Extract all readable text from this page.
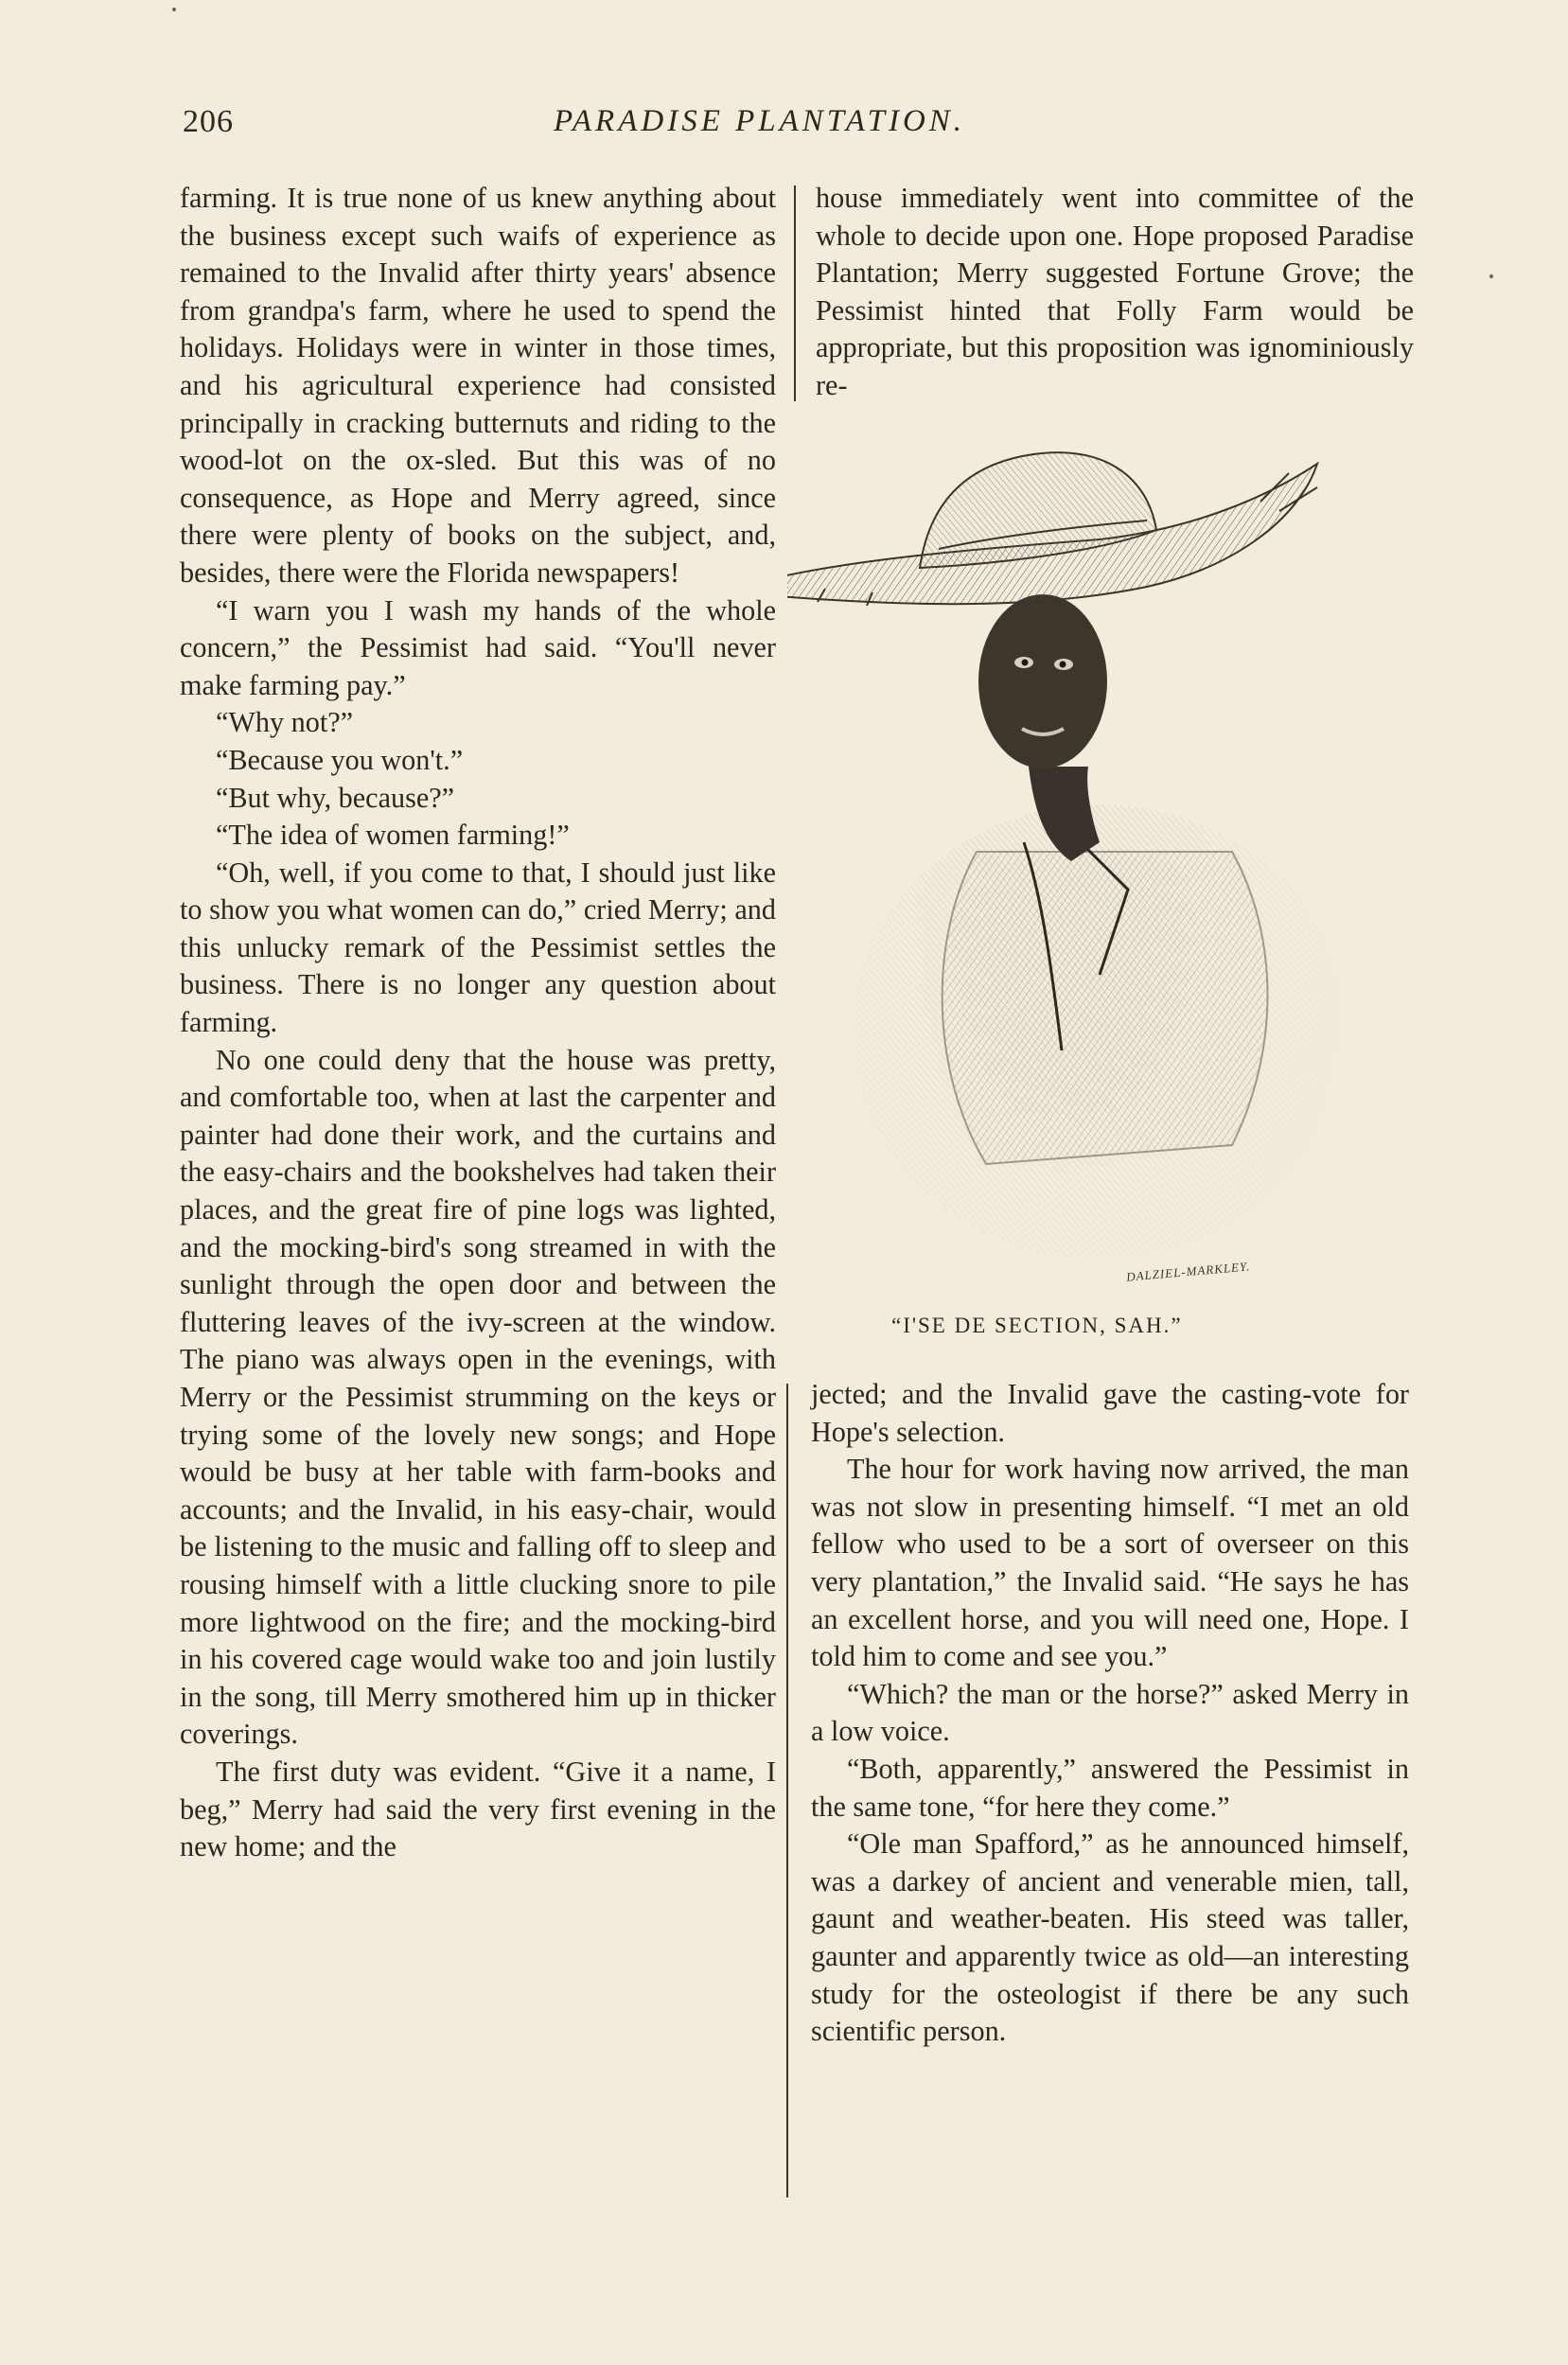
206	PARADISE PLANTATION.

farming. It is true none of us knew anything about the business except such waifs of experience as remained to the Invalid after thirty years' absence from grandpa's farm, where he used to spend the holidays. Holidays were in winter in those times, and his agricultural experience had consisted principally in cracking butternuts and riding to the wood-lot on the ox-sled. But this was of no consequence, as Hope and Merry agreed, since there were plenty of books on the subject, and, besides, there were the Florida newspapers!

“I warn you I wash my hands of the whole concern,” the Pessimist had said. “You'll never make farming pay.”

“Why not?”

“Because you won't.”

“But why, because?”

“The idea of women farming!”

“Oh, well, if you come to that, I should just like to show you what women can do,” cried Merry; and this unlucky remark of the Pessimist settles the business. There is no longer any question about farming.

No one could deny that the house was pretty, and comfortable too, when at last the carpenter and painter had done their work, and the curtains and the easy-chairs and the bookshelves had taken their places, and the great fire of pine logs was lighted, and the mocking-bird's song streamed in with the sunlight through the open door and between the fluttering leaves of the ivy-screen at the window. The piano was always open in the evenings, with Merry or the Pessimist strumming on the keys or trying some of the lovely new songs; and Hope would be busy at her table with farm-books and accounts; and the Invalid, in his easy-chair, would be listening to the music and falling off to sleep and rousing himself with a little clucking snore to pile more lightwood on the fire; and the mocking-bird in his covered cage would wake too and join lustily in the song, till Merry smothered him up in thicker coverings.

The first duty was evident. “Give it a name, I beg,” Merry had said the very first evening in the new home; and the

house immediately went into committee of the whole to decide upon one. Hope proposed Paradise Plantation; Merry suggested Fortune Grove; the Pessimist hinted that Folly Farm would be appropriate, but this proposition was ignominiously re-

DALZIEL-MARKLEY.
“I'SE DE SECTION, SAH.”

jected; and the Invalid gave the casting-vote for Hope's selection.

The hour for work having now arrived, the man was not slow in presenting himself. “I met an old fellow who used to be a sort of overseer on this very plantation,” the Invalid said. “He says he has an excellent horse, and you will need one, Hope. I told him to come and see you.”

“Which? the man or the horse?” asked Merry in a low voice.

“Both, apparently,” answered the Pessimist in the same tone, “for here they come.”

“Ole man Spafford,” as he announced himself, was a darkey of ancient and venerable mien, tall, gaunt and weather-beaten. His steed was taller, gaunter and apparently twice as old—an interesting study for the osteologist if there be any such scientific person.
